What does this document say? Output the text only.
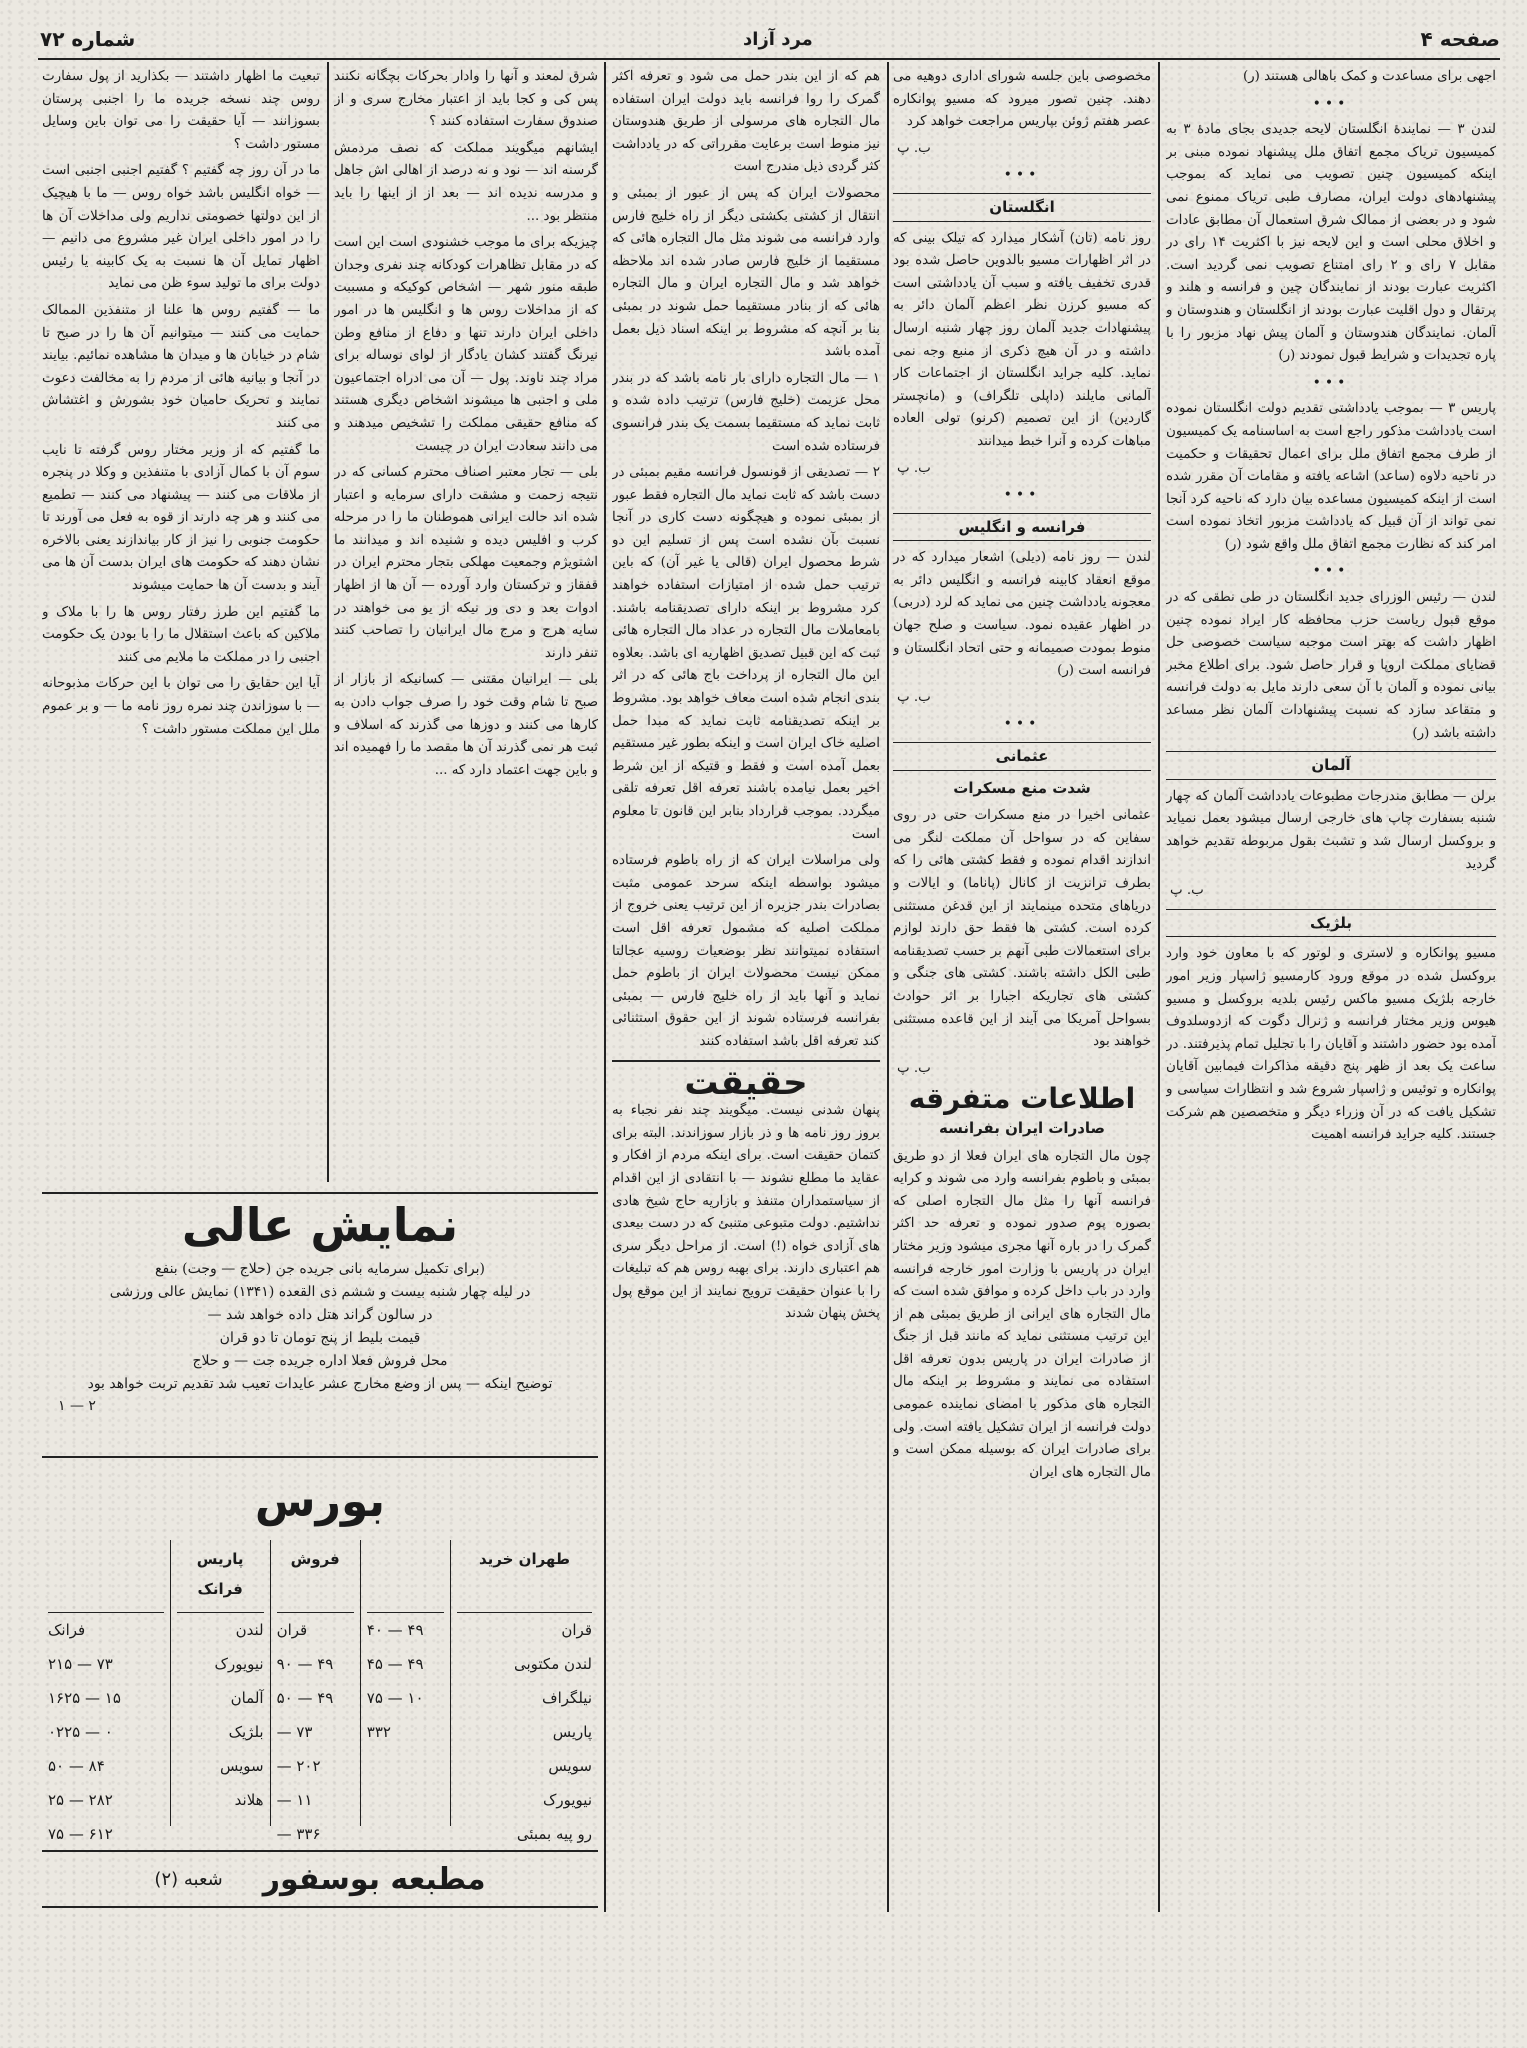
صفحه ۴
مرد آزاد
شماره ۷۲

اجهی برای مساعدت و کمک باهالی هستند (ر)

•••

لندن ۳ — نمایندۀ انگلستان لایحه جدیدی بجای مادۀ ۳ به کمیسیون تریاک مجمع اتفاق ملل پیشنهاد نموده مبنی بر اینکه کمیسیون چنین تصویب می نماید که بموجب پیشنهادهای دولت ایران، مصارف طبی تریاک ممنوع نمی شود و در بعضی از ممالک شرق استعمال آن مطابق عادات و اخلاق محلی است و این لایحه نیز با اکثریت ۱۴ رای در مقابل ۷ رای و ۲ رای امتناع تصویب نمی گردید است. اکثریت عبارت بودند از نمایندگان چین و فرانسه و هلند و پرتقال و دول اقلیت عبارت بودند از انگلستان و هندوستان و آلمان. نمایندگان هندوستان و آلمان پیش نهاد مزبور را با پاره تجدیدات و شرایط قبول نمودند (ر)

•••

پاریس ۳ — بموجب یادداشتی تقدیم دولت انگلستان نموده است یادداشت مذکور راجع است به اساسنامه یک کمیسیون از طرف مجمع اتفاق ملل برای اعمال تحقیقات و حکمیت در ناحیه دلاوه (ساعد) اشاعه یافته و مقامات آن مقرر شده است از اینکه کمیسیون مساعده بیان دارد که ناحیه کرد آنجا نمی تواند از آن قبیل که یادداشت مزبور اتخاذ نموده است امر کند که نظارت مجمع اتفاق ملل واقع شود (ر)

•••

لندن — رئیس الوزرای جدید انگلستان در طی نطقی که در موقع قبول ریاست حزب محافظه کار ایراد نموده چنین اظهار داشت که بهتر است موجبه سیاست خصوصی حل قضایای مملکت اروپا و قرار حاصل شود. برای اطلاع مخبر بیانی نموده و آلمان با آن سعی دارند مایل به دولت فرانسه و متقاعد سازد که نسبت پیشنهادات آلمان نظر مساعد داشته باشد (ر)

آلمان

برلن — مطابق مندرجات مطبوعات یادداشت آلمان که چهار شنبه بسفارت چاپ های خارجی ارسال میشود بعمل نمیاید و بروکسل ارسال شد و تشبث بقول مربوطه تقدیم خواهد گردید

ب. پ
بلژیک

مسیو پوانکاره و لاستری و لوتور که با معاون خود وارد بروکسل شده در موقع ورود کارمسیو ژاسپار وزیر امور خارجه بلژیک مسیو ماکس رئیس بلدیه بروکسل و مسیو هیوس وزیر مختار فرانسه و ژنرال دگوت که ازدوسلدوف آمده بود حضور داشتند و آقایان را با تجلیل تمام پذیرفتند. در ساعت یک بعد از ظهر پنج دقیقه مذاکرات فیمابین آقایان پوانکاره و توئیس و ژاسپار شروع شد و انتظارات سیاسی و تشکیل یافت که در آن وزراء دیگر و متخصصین هم شرکت جستند. کلیه جراید فرانسه اهمیت

مخصوصی باین جلسه شورای اداری دوهیه می دهند. چنین تصور میرود که مسیو پوانکاره عصر هفتم ژوئن بپاریس مراجعت خواهد کرد

ب. پ
•••
انگلستان

روز نامه (تان) آشکار میدارد که تیلک بینی که در اثر اظهارات مسیو بالدوین حاصل شده بود قدری تخفیف یافته و سبب آن یادداشتی است که مسیو کرزن نظر اعظم آلمان دائر به پیشنهادات جدید آلمان روز چهار شنبه ارسال داشته و در آن هیچ ذکری از منبع وجه نمی نماید. کلیه جراید انگلستان از اجتماعات کار آلمانی مایلند (داپلی تلگراف) و (مانچستر گاردین) از این تصمیم (کرنو) تولی العاده مباهات کرده و آنرا خبط میدانند

ب. پ
•••
فرانسه و انگلیس

لندن — روز نامه (دیلی) اشعار میدارد که در موقع انعقاد کابینه فرانسه و انگلیس دائر به معجونه یادداشت چنین می نماید که لرد (دربی) در اظهار عقیده نمود. سیاست و صلح جهان منوط بمودت صمیمانه و حتی اتحاد انگلستان و فرانسه است (ر)

ب. پ
•••
عثمانی
شدت منع مسکرات

عثمانی اخیرا در منع مسکرات حتی در روی سفاین که در سواحل آن مملکت لنگر می اندازند اقدام نموده و فقط کشتی هائی را که بطرف ترانزیت از کانال (پاناما) و ایالات و دریاهای متحده مینمایند از این قدغن مستثنی کرده است. کشتی ها فقط حق دارند لوازم برای استعمالات طبی آنهم بر حسب تصدیقنامه طبی الکل داشته باشند. کشتی های جنگی و کشتی های تجاریکه اجبارا بر اثر حوادث بسواحل آمریکا می آیند از این قاعده مستثنی خواهند بود

ب. پ
اطلاعات متفرقه
صادرات ایران بفرانسه

چون مال التجاره های ایران فعلا از دو طریق بمبئی و باطوم بفرانسه وارد می شوند و کرایه فرانسه آنها را مثل مال التجاره اصلی که بصوره پوم صدور نموده و تعرفه حد اکثر گمرک را در باره آنها مجری میشود وزیر مختار ایران در پاریس با وزارت امور خارجه فرانسه وارد در باب داخل کرده و موافق شده است که مال التجاره های ایرانی از طریق بمبئی هم از این ترتیب مستثنی نماید که مانند قبل از جنگ از صادرات ایران در پاریس بدون تعرفه اقل استفاده می نمایند و مشروط بر اینکه مال التجاره های مذکور با امضای نماینده عمومی دولت فرانسه از ایران تشکیل یافته است. ولی برای صادرات ایران که بوسیله ممکن است و مال التجاره های ایران

هم که از این بندر حمل می شود و تعرفه اکثر گمرک را روا فرانسه باید دولت ایران استفاده مال التجاره های مرسولی از طریق هندوستان نیز منوط است برعایت مقرراتی که در یادداشت کثر گردی ذیل مندرج است

محصولات ایران که پس از عبور از بمبئی و انتقال از کشتی بکشتی دیگر از راه خلیج فارس وارد فرانسه می شوند مثل مال التجاره هائی که مستقیما از خلیج فارس صادر شده اند ملاحظه خواهد شد و مال التجاره ایران و مال التجاره هائی که از بنادر مستقیما حمل شوند در بمبئی بنا بر آنچه که مشروط بر اینکه اسناد ذیل بعمل آمده باشد

۱ — مال التجاره دارای بار نامه باشد که در بندر محل عزیمت (خلیج فارس) ترتیب داده شده و ثابت نماید که مستقیما بسمت یک بندر فرانسوی فرستاده شده است

۲ — تصدیقی از قونسول فرانسه مقیم بمبئی در دست باشد که ثابت نماید مال التجاره فقط عبور از بمبئی نموده و هیچگونه دست کاری در آنجا نسبت بآن نشده است پس از تسلیم این دو شرط محصول ایران (قالی یا غیر آن) که باین ترتیب حمل شده از امتیازات استفاده خواهند کرد مشروط بر اینکه دارای تصدیقنامه باشند. بامعاملات مال التجاره در عداد مال التجاره هائی ثبت که این قبیل تصدیق اظهاریه ای باشد. بعلاوه این مال التجاره از پرداخت باج هائی که در اثر بندی انجام شده است معاف خواهد بود. مشروط بر اینکه تصدیقنامه ثابت نماید که مبدا حمل اصلیه خاک ایران است و اینکه بطور غیر مستقیم بعمل آمده است و فقط و قتیکه از این شرط اخیر بعمل نیامده باشند تعرفه اقل تعرفه تلقی میگردد. بموجب قرارداد بنابر این قانون تا معلوم است

ولی مراسلات ایران که از راه باطوم فرستاده میشود بواسطه اینکه سرحد عمومی مثبت بصادرات بندر جزیره از این ترتیب یعنی خروج از مملکت اصلیه که مشمول تعرفه اقل است استفاده نمیتوانند نظر بوضعیات روسیه عجالتا ممکن نیست محصولات ایران از باطوم حمل نماید و آنها باید از راه خلیج فارس — بمبئی بفرانسه فرستاده شوند از این حقوق استثنائی کند تعرفه اقل باشد استفاده کنند

حقیقت

پنهان شدنی نیست. میگویند چند نفر نجباء به بروز روز نامه ها و ذر بازار سوزاندند. البته برای کتمان حقیقت است. برای اینکه مردم از افکار و عقاید ما مطلع نشوند — با انتقادی از این اقدام از سیاستمداران متنفذ و بازاریه حاج شیخ هادی نداشتیم. دولت متبوعی متنبئ که در دست بیعدی های آزادی خواه (!) است. از مراحل دیگر سری هم اعتباری دارند. برای بهبه روس هم که تبلیغات را با عنوان حقیقت ترویج نمایند از این موقع پول پخش پنهان شدند

شرق لمعند و آنها را وادار بحرکات بچگانه نکنند پس کی و کجا باید از اعتبار مخارج سری و از صندوق سفارت استفاده کنند ؟

ایشانهم میگویند مملکت که نصف مردمش گرسنه اند — نود و نه درصد از اهالی اش جاهل و مدرسه ندیده اند — بعد از از اینها را باید منتظر بود ...

چیزیکه برای ما موجب خشنودی است این است که در مقابل تظاهرات کودکانه چند نفری وجدان طبقه منور شهر — اشخاص کوکیکه و مسببت که از مداخلات روس ها و انگلیس ها در امور داخلی ایران دارند تنها و دفاع از منافع وطن نیرنگ گفتند کشان یادگار از لوای نوساله برای مراد چند ناوند. پول — آن می ادراه اجتماعیون ملی و اجنبی ها میشوند اشخاص دیگری هستند که منافع حقیقی مملکت را تشخیص میدهند و می دانند سعادت ایران در چیست

بلی — تجار معتبر اصناف محترم کسانی که در نتیجه زحمت و مشقت دارای سرمایه و اعتبار شده اند حالت ایرانی هموطنان ما را در مرحله کرب و افلیس دیده و شنیده اند و میدانند ما اشتویژم وجمعیت مهلکی بتجار محترم ایران در قفقاز و ترکستان وارد آورده — آن ها از اظهار ادوات بعد و دی ور نیکه از یو می خواهند در سایه هرج و مرج مال ایرانیان را تصاحب کنند تنفر دارند

بلی — ایرانیان مقتنی — کسانیکه از بازار از صبح تا شام وقت خود را صرف جواب دادن به کارها می کنند و دوزها می گذرند که اسلاف و ثبت هر نمی گذرند آن ها مقصد ما را فهمیده اند و باین جهت اعتماد دارد که ...

تبعیت ما اظهار داشتند — بکذارید از پول سفارت روس چند نسخه جریده ما را اجنبی پرستان بسوزانند — آیا حقیقت را می توان باین وسایل مستور داشت ؟

ما در آن روز چه گفتیم ؟ گفتیم اجنبی اجنبی است — خواه انگلیس باشد خواه روس — ما با هیچیک از این دولتها خصومتی نداریم ولی مداخلات آن ها را در امور داخلی ایران غیر مشروع می دانیم — اظهار تمایل آن ها نسبت به یک کابینه یا رئیس دولت برای ما تولید سوء ظن می نماید

ما — گفتیم روس ها علنا از متنفذین الممالک حمایت می کنند — میتوانیم آن ها را در صبح تا شام در خیابان ها و میدان ها مشاهده نمائیم. بیایند در آنجا و بیانیه هائی از مردم را به مخالفت دعوت نمایند و تحریک حامیان خود بشورش و اغتشاش می کنند

ما گفتیم که از وزیر مختار روس گرفته تا نایب سوم آن با کمال آزادی با متنفذین و وکلا در پنجره از ملاقات می کنند — پیشنهاد می کنند — تطمیع می کنند و هر چه دارند از قوه به فعل می آورند تا حکومت جنوبی را نیز از کار بیاندازند یعنی بالاخره نشان دهند که حکومت های ایران بدست آن ها می آیند و بدست آن ها حمایت میشوند

ما گفتیم این طرز رفتار روس ها را با ملاک و ملاکین که باعث استقلال ما را با بودن یک حکومت اجنبی را در مملکت ما ملایم می کنند

آیا این حقایق را می توان با این حرکات مذبوحانه — با سوزاندن چند نمره روز نامه ما — و بر عموم ملل این مملکت مستور داشت ؟

نمایش عالی
(برای تکمیل سرمایه بانی جریده جن (حلاج — وجت) بنفع
در لیله چهار شنبه بیست و ششم ذی القعده (۱۳۴۱) نمایش عالی ورزشی
در سالون گراند هتل داده خواهد شد —
قیمت بلیط از پنج تومان تا دو قران
محل فروش فعلا اداره جریده جت — و حلاج
توضیح اینکه — پس از وضع مخارج عشر عایدات تعیب شد تقدیم تربت خواهد بود
۱ — ۲
بورس
طهران خرید
قران
لندن مکتوبی
نیلگراف
پاریس
سویس
نیویورک
رو پیه بمبئی
۴۰ — ۴۹
۴۵ — ۴۹
۷۵ — ۱۰
۳۳۲
فروش
قران
۹۰ — ۴۹
۵۰ — ۴۹
— ۷۳
— ۲۰۲
— ۱۱
— ۳۳۶
پاریس فرانک
لندن
نیویورک
آلمان
بلژیک
سویس
هلاند
فرانک
۲۱۵ — ۷۳
۱۶۲۵ — ۱۵
۰۲۲۵ — ۰
۵۰ — ۸۴
۲۵ — ۲۸۲
۷۵ — ۶۱۲
مطبعه بوسفور
شعبه (۲)
